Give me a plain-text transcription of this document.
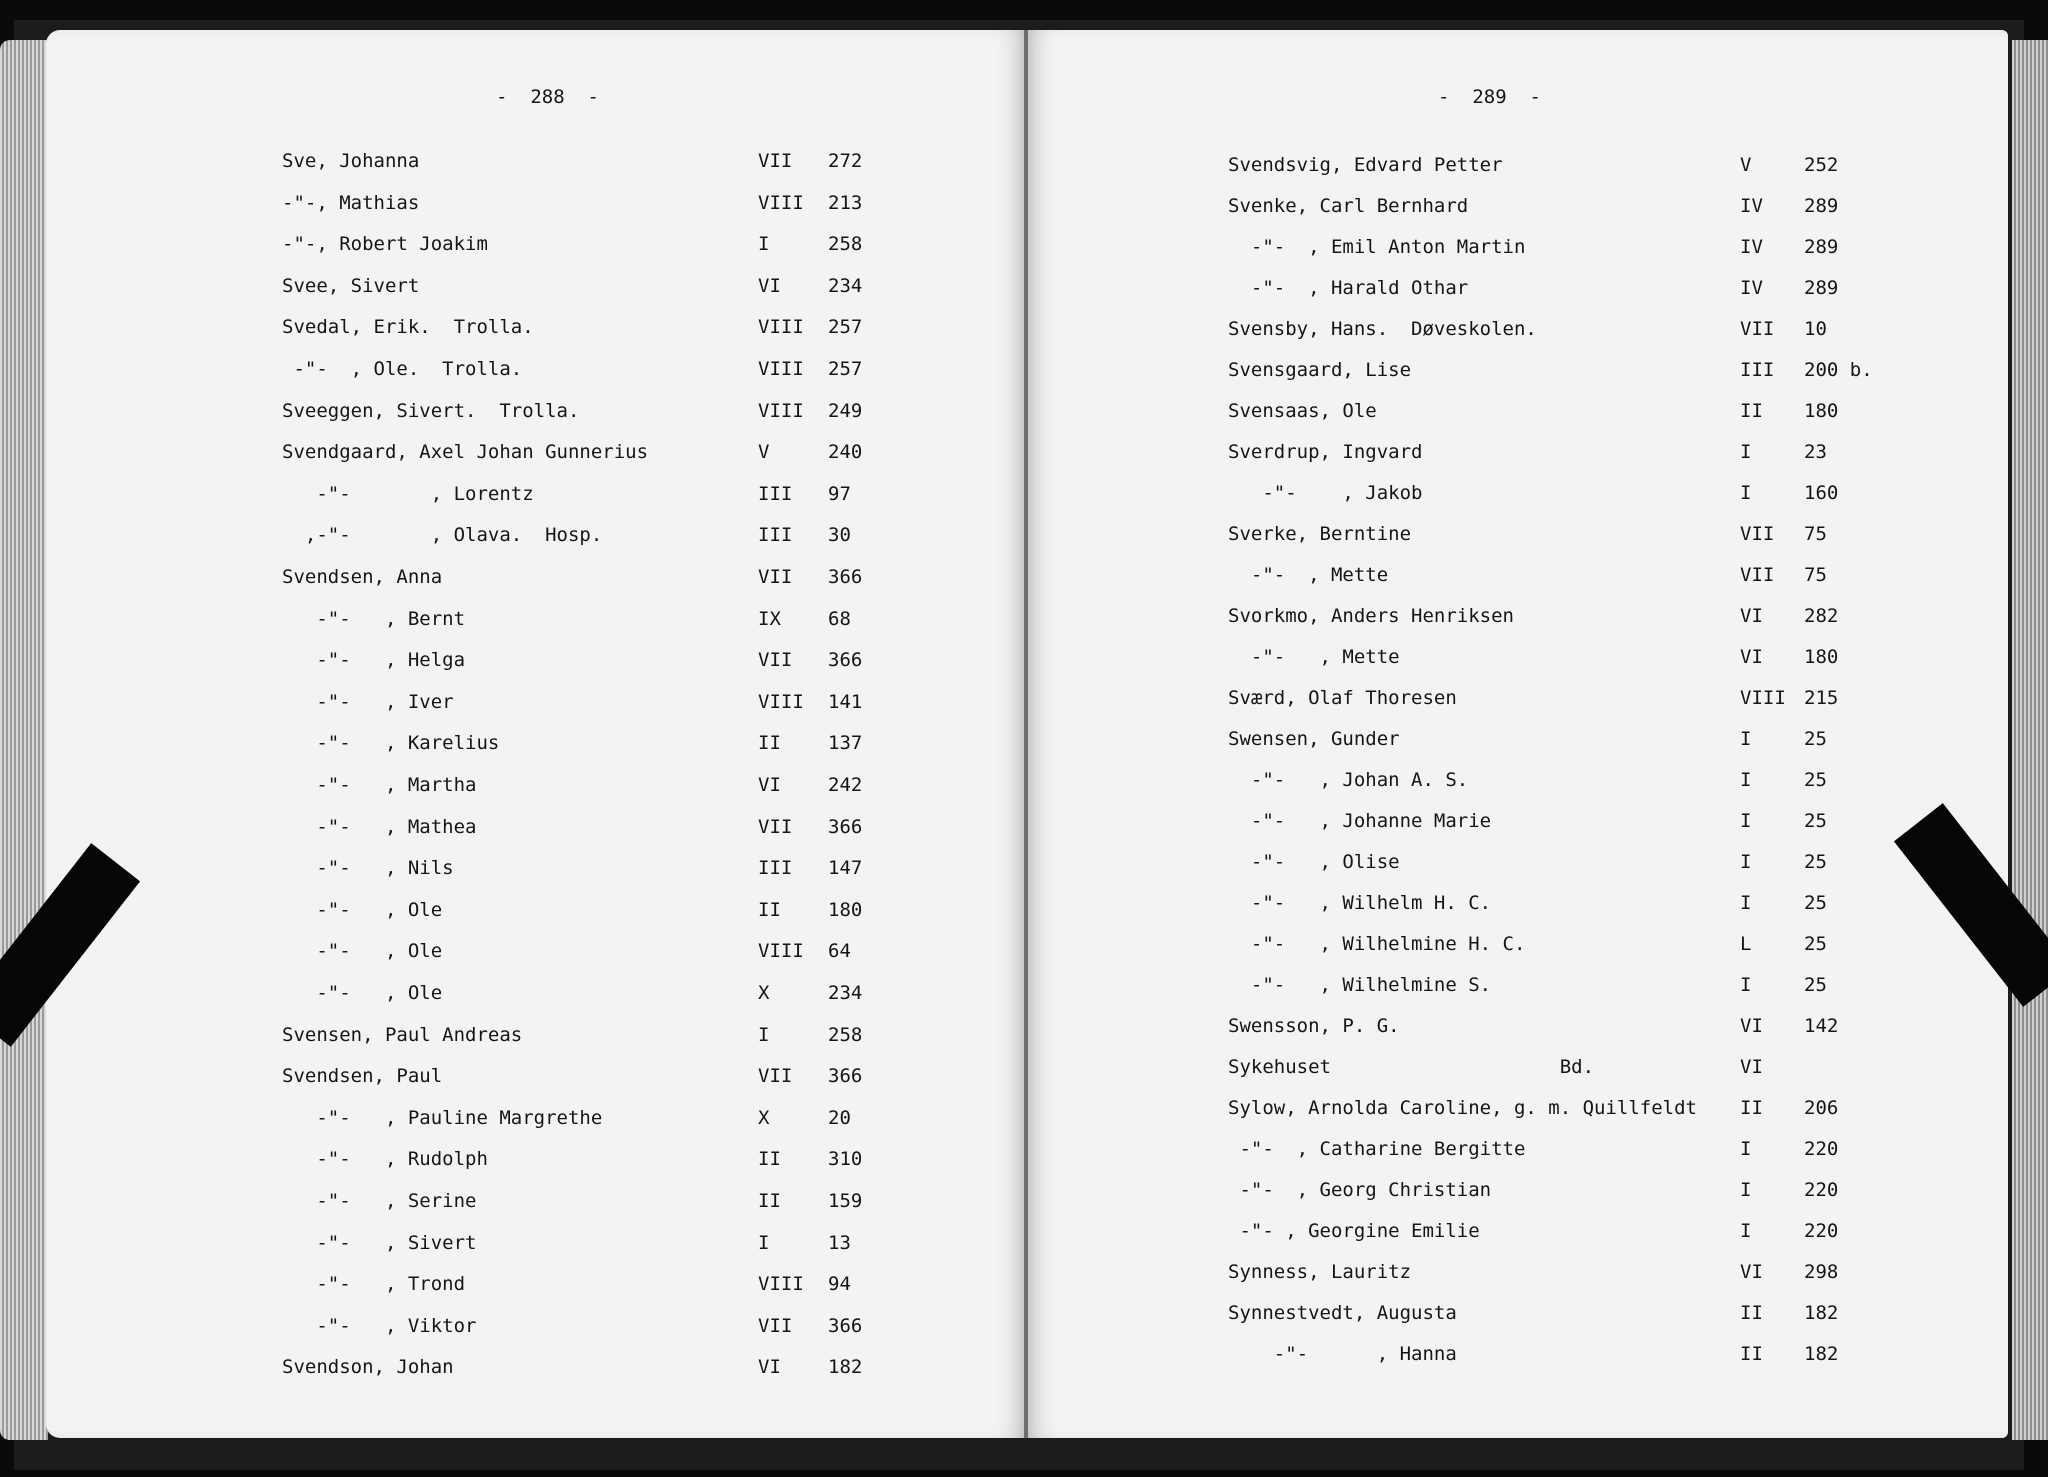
-  288  -
Sve, Johanna	VII 272
-"-, Mathias	VIII 213
-"-, Robert Joakim	I	258
Svee, Sivert	VI 234
Svedal, Erik.  Trolla.	VIII 257
-"-  , Ole.  Trolla.	VIII 257
Sveeggen, Sivert.  Trolla.	VIII 249
Svendgaard, Axel Johan Gunnerius	V	240
-"-       , Lorentz	III 97
,-"-       , Olava.  Hosp.	III 30
Svendsen, Anna	VII 366
-"-   , Bernt	IX 68
-"-   , Helga	VII 366
-"-   , Iver	VIII 141
-"-   , Karelius	II 137
-"-   , Martha	VI 242
-"-   , Mathea	VII 366
-"-   , Nils	III 147
-"-   , Ole	II 180
-"-   , Ole	VIII 64
-"-   , Ole	X	234
Svensen, Paul Andreas	I	258
Svendsen, Paul	VII 366
-"-   , Pauline Margrethe	X	20
-"-   , Rudolph	II 310
-"-   , Serine	II 159
-"-   , Sivert	I	13
-"-   , Trond	VIII 94
-"-   , Viktor	VII 366
Svendson, Johan	VI 182
-  289  -
Svendsvig, Edvard Petter	V	252
Svenke, Carl Bernhard	IV 289
-"-  , Emil Anton Martin	IV 289
-"-  , Harald Othar	IV 289
Svensby, Hans.  Døveskolen.	VII 10
Svensgaard, Lise	III 200 b.
Svensaas, Ole	II 180
Sverdrup, Ingvard	I	23
-"-    , Jakob	I	160
Sverke, Berntine	VII 75
-"-  , Mette	VII 75
Svorkmo, Anders Henriksen	VI 282
-"-   , Mette	VI 180
Sværd, Olaf Thoresen	VIII 215
Swensen, Gunder	I	25
-"-   , Johan A. S.	I	25
-"-   , Johanne Marie	I	25
-"-   , Olise	I	25
-"-   , Wilhelm H. C.	I	25
-"-   , Wilhelmine H. C.	L	25
-"-   , Wilhelmine S.	I	25
Swensson, P. G.	VI 142
Sykehuset                    Bd.	VI
Sylow, Arnolda Caroline, g. m. Quillfeldt II 206
-"-  , Catharine Bergitte	I	220
-"-  , Georg Christian	I	220
-"- , Georgine Emilie	I	220
Synness, Lauritz	VI 298
Synnestvedt, Augusta	II 182
-"-      , Hanna	II 182
